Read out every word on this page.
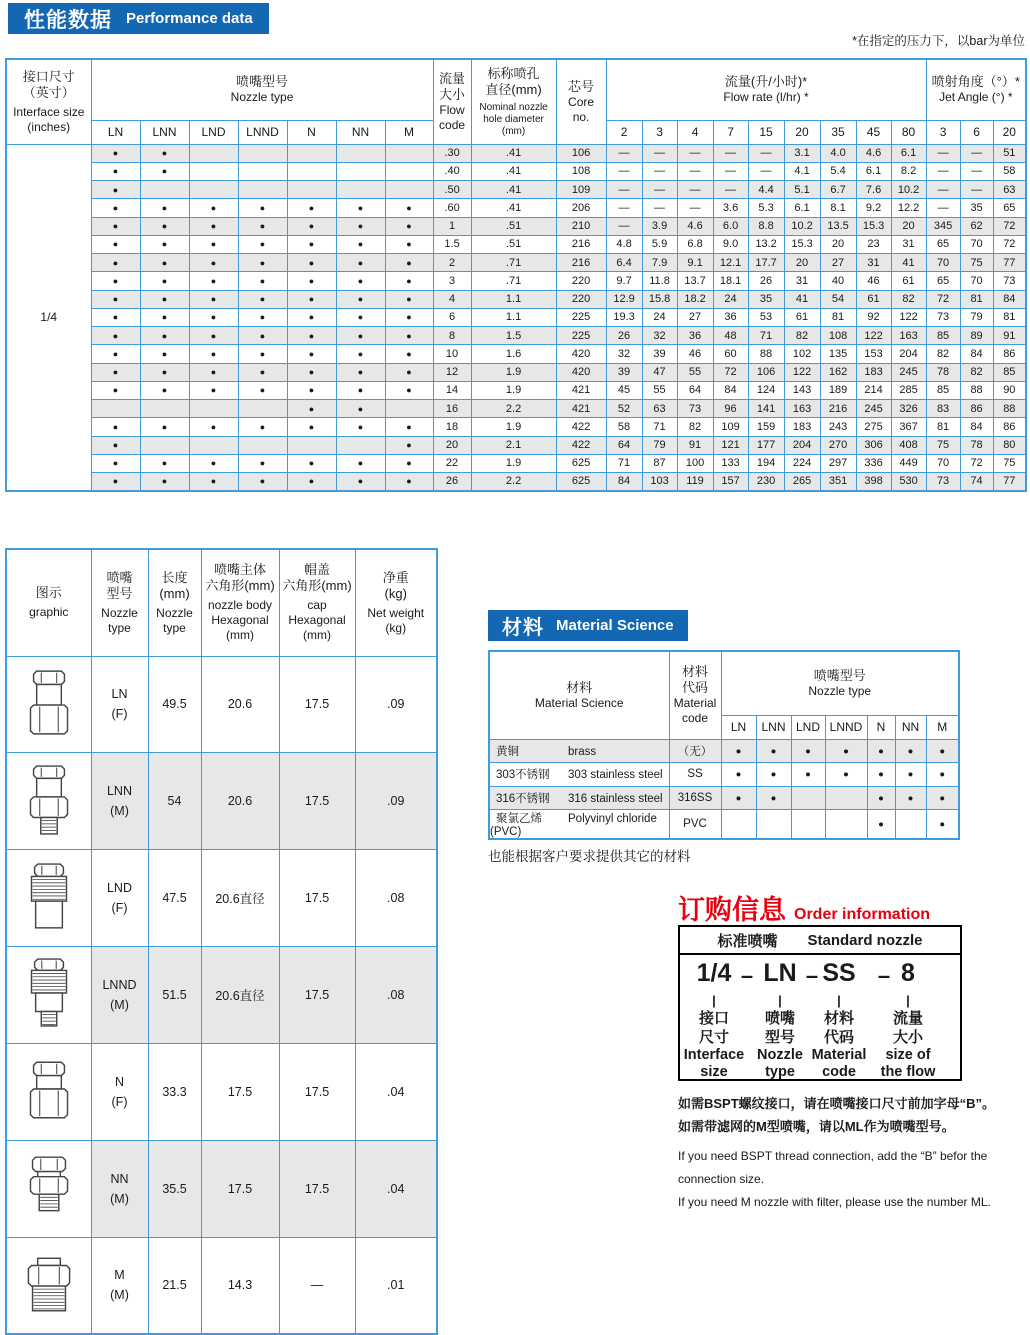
性能数据 Performance data
*在指定的压力下，以bar为单位
接口尺寸
（英寸）
Interface size
(inches)

喷嘴型号
Nozzle type

流量
大小
Flow
code

标称喷孔
直径(mm)
Nominal nozzle
hole diameter (mm)

芯号
Core
no.

流量(升/小时)*
Flow rate (l/hr) *

喷射角度（°）*
Jet Angle (°) *

	LN	LNN	LND	LNND	N	NN	M				2	3	4	7	15	20	35	45	80	3	6	20
1/4	●	●						.30	.41	106	—	—	—	—	—	3.1	4.0	4.6	6.1	—	—	51
	●	●						.40	.41	108	—	—	—	—	—	4.1	5.4	6.1	8.2	—	—	58
	●							.50	.41	109	—	—	—	—	4.4	5.1	6.7	7.6	10.2	—	—	63
	●	●	●	●	●	●	●	.60	.41	206	—	—	—	3.6	5.3	6.1	8.1	9.2	12.2	—	35	65
	●	●	●	●	●	●	●	1	.51	210	—	3.9	4.6	6.0	8.8	10.2	13.5	15.3	20	345	62	72
	●	●	●	●	●	●	●	1.5	.51	216	4.8	5.9	6.8	9.0	13.2	15.3	20	23	31	65	70	72
	●	●	●	●	●	●	●	2	.71	216	6.4	7.9	9.1	12.1	17.7	20	27	31	41	70	75	77
	●	●	●	●	●	●	●	3	.71	220	9.7	11.8	13.7	18.1	26	31	40	46	61	65	70	73
	●	●	●	●	●	●	●	4	1.1	220	12.9	15.8	18.2	24	35	41	54	61	82	72	81	84
	●	●	●	●	●	●	●	6	1.1	225	19.3	24	27	36	53	61	81	92	122	73	79	81
	●	●	●	●	●	●	●	8	1.5	225	26	32	36	48	71	82	108	122	163	85	89	91
	●	●	●	●	●	●	●	10	1.6	420	32	39	46	60	88	102	135	153	204	82	84	86
	●	●	●	●	●	●	●	12	1.9	420	39	47	55	72	106	122	162	183	245	78	82	85
	●	●	●	●	●	●	●	14	1.9	421	45	55	64	84	124	143	189	214	285	85	88	90
					●	●		16	2.2	421	52	63	73	96	141	163	216	245	326	83	86	88
	●	●	●	●	●	●	●	18	1.9	422	58	71	82	109	159	183	243	275	367	81	84	86
	●						●	20	2.1	422	64	79	91	121	177	204	270	306	408	75	78	80
	●	●	●	●	●	●	●	22	1.9	625	71	87	100	133	194	224	297	336	449	70	72	75
	●	●	●	●	●	●	●	26	2.2	625	84	103	119	157	230	265	351	398	530	73	74	77
图示
graphic

喷嘴
型号
Nozzle
type

长度
(mm)
Nozzle
type

喷嘴主体
六角形(mm)
nozzle body
Hexagonal
(mm)

帽盖
六角形(mm)
cap
Hexagonal
(mm)

净重
(kg)
Net weight
(kg)

LN
(F)	49.5	20.6	17.5	.09

LNN
(M)	54	20.6	17.5	.09

LND
(F)	47.5	20.6直径	17.5	.08

LNND
(M)	51.5	20.6直径	17.5	.08

N
(F)	33.3	17.5	17.5	.04

NN
(M)	35.5	17.5	17.5	.04

M
(M)	21.5	14.3	—	.01
材料 Material Science
材料
Material Science

材料
代码
Material
code

喷嘴型号
Nozzle type

		LN	LNN	LND	LNND	N	NN	M
黄铜 brass	（无）	●	●	●	●	●	●	●
303不锈钢 303 stainless steel	SS	●	●	●	●	●	●	●
316不锈钢 316 stainless steel	316SS	●	●			●	●	●
聚氯乙烯 Polyvinyl chloride (PVC)	PVC					●		●
也能根据客户要求提供其它的材料
订购信息 Order information
标准喷嘴 Standard nozzle
1/4
|
接口
尺寸
Interface
size
LN
|
喷嘴
型号
Nozzle
type
SS
|
材料
代码
Material
code
8
|
流量
大小
size of
the flow
– –	–
如需BSPT螺纹接口，请在喷嘴接口尺寸前加字母“B”。
如需带滤网的M型喷嘴，请以ML作为喷嘴型号。
If you need BSPT thread connection, add the “B” befor the connection size.
If you need M nozzle with filter, please use the number ML.
